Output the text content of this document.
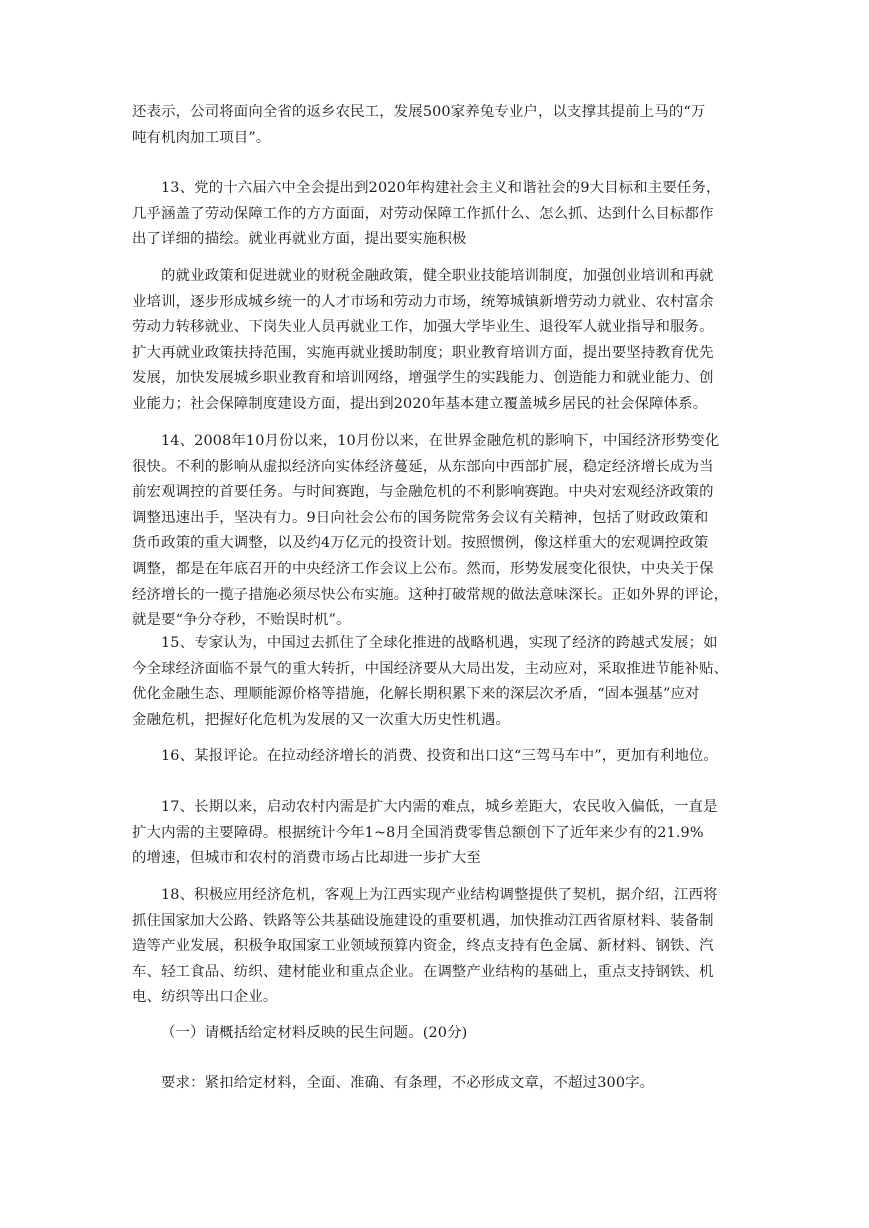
还表示，公司将面向全省的返乡农民工，发展500家养兔专业户，以支撑其提前上马的“万
吨有机肉加工项目”。

13、党的十六届六中全会提出到2020年构建社会主义和谐社会的9大目标和主要任务，
几乎涵盖了劳动保障工作的方方面面，对劳动保障工作抓什么、怎么抓、达到什么目标都作
出了详细的描绘。就业再就业方面，提出要实施积极

的就业政策和促进就业的财税金融政策，健全职业技能培训制度，加强创业培训和再就
业培训，逐步形成城乡统一的人才市场和劳动力市场，统筹城镇新增劳动力就业、农村富余
劳动力转移就业、下岗失业人员再就业工作，加强大学毕业生、退役军人就业指导和服务。
扩大再就业政策扶持范围，实施再就业援助制度；职业教育培训方面，提出要坚持教育优先
发展，加快发展城乡职业教育和培训网络，增强学生的实践能力、创造能力和就业能力、创
业能力；社会保障制度建设方面，提出到2020年基本建立覆盖城乡居民的社会保障体系。

14、2008年10月份以来，10月份以来，在世界金融危机的影响下，中国经济形势变化
很快。不利的影响从虚拟经济向实体经济蔓延，从东部向中西部扩展，稳定经济增长成为当
前宏观调控的首要任务。与时间赛跑，与金融危机的不利影响赛跑。中央对宏观经济政策的
调整迅速出手，坚决有力。9日向社会公布的国务院常务会议有关精神，包括了财政政策和
货币政策的重大调整，以及约4万亿元的投资计划。按照惯例，像这样重大的宏观调控政策
调整，都是在年底召开的中央经济工作会议上公布。然而，形势发展变化很快，中央关于保
经济增长的一揽子措施必须尽快公布实施。这种打破常规的做法意味深长。正如外界的评论，
就是要“争分夺秒，不贻误时机”。

15、专家认为，中国过去抓住了全球化推进的战略机遇，实现了经济的跨越式发展；如
今全球经济面临不景气的重大转折，中国经济要从大局出发，主动应对，采取推进节能补贴、
优化金融生态、理顺能源价格等措施，化解长期积累下来的深层次矛盾，“固本强基”应对
金融危机，把握好化危机为发展的又一次重大历史性机遇。

16、某报评论。在拉动经济增长的消费、投资和出口这“三驾马车中”，更加有利地位。

17、长期以来，启动农村内需是扩大内需的难点，城乡差距大，农民收入偏低，一直是
扩大内需的主要障碍。根据统计今年1~8月全国消费零售总额创下了近年来少有的21.9%
的增速，但城市和农村的消费市场占比却进一步扩大至

18、积极应用经济危机，客观上为江西实现产业结构调整提供了契机，据介绍，江西将
抓住国家加大公路、铁路等公共基础设施建设的重要机遇，加快推动江西省原材料、装备制
造等产业发展，积极争取国家工业领域预算内资金，终点支持有色金属、新材料、钢铁、汽
车、轻工食品、纺织、建材能业和重点企业。在调整产业结构的基础上，重点支持钢铁、机
电、纺织等出口企业。

（一）请概括给定材料反映的民生问题。(20分)

要求：紧扣给定材料，全面、准确、有条理，不必形成文章，不超过300字。
